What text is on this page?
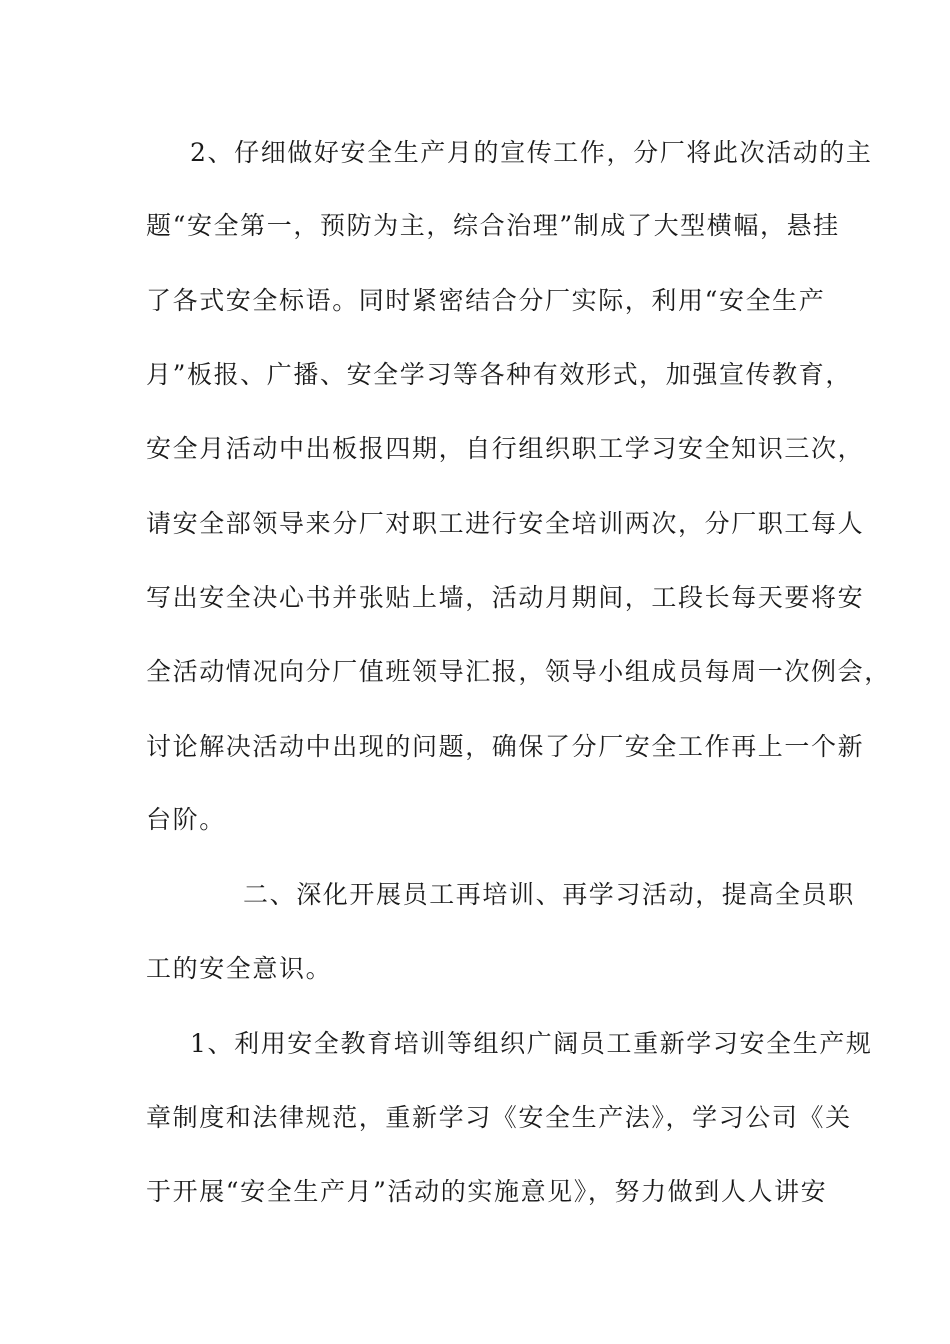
2、仔细做好安全生产月的宣传工作，分厂将此次活动的主
题“安全第一，预防为主，综合治理”制成了大型横幅，悬挂
了各式安全标语。同时紧密结合分厂实际，利用“安全生产
月”板报、广播、安全学习等各种有效形式，加强宣传教育，
安全月活动中出板报四期，自行组织职工学习安全知识三次，
请安全部领导来分厂对职工进行安全培训两次，分厂职工每人
写出安全决心书并张贴上墙，活动月期间，工段长每天要将安
全活动情况向分厂值班领导汇报，领导小组成员每周一次例会，
讨论解决活动中出现的问题，确保了分厂安全工作再上一个新
台阶。
二、深化开展员工再培训、再学习活动，提高全员职
工的安全意识。
1、利用安全教育培训等组织广阔员工重新学习安全生产规
章制度和法律规范，重新学习《安全生产法》，学习公司《关
于开展“安全生产月”活动的实施意见》，努力做到人人讲安
